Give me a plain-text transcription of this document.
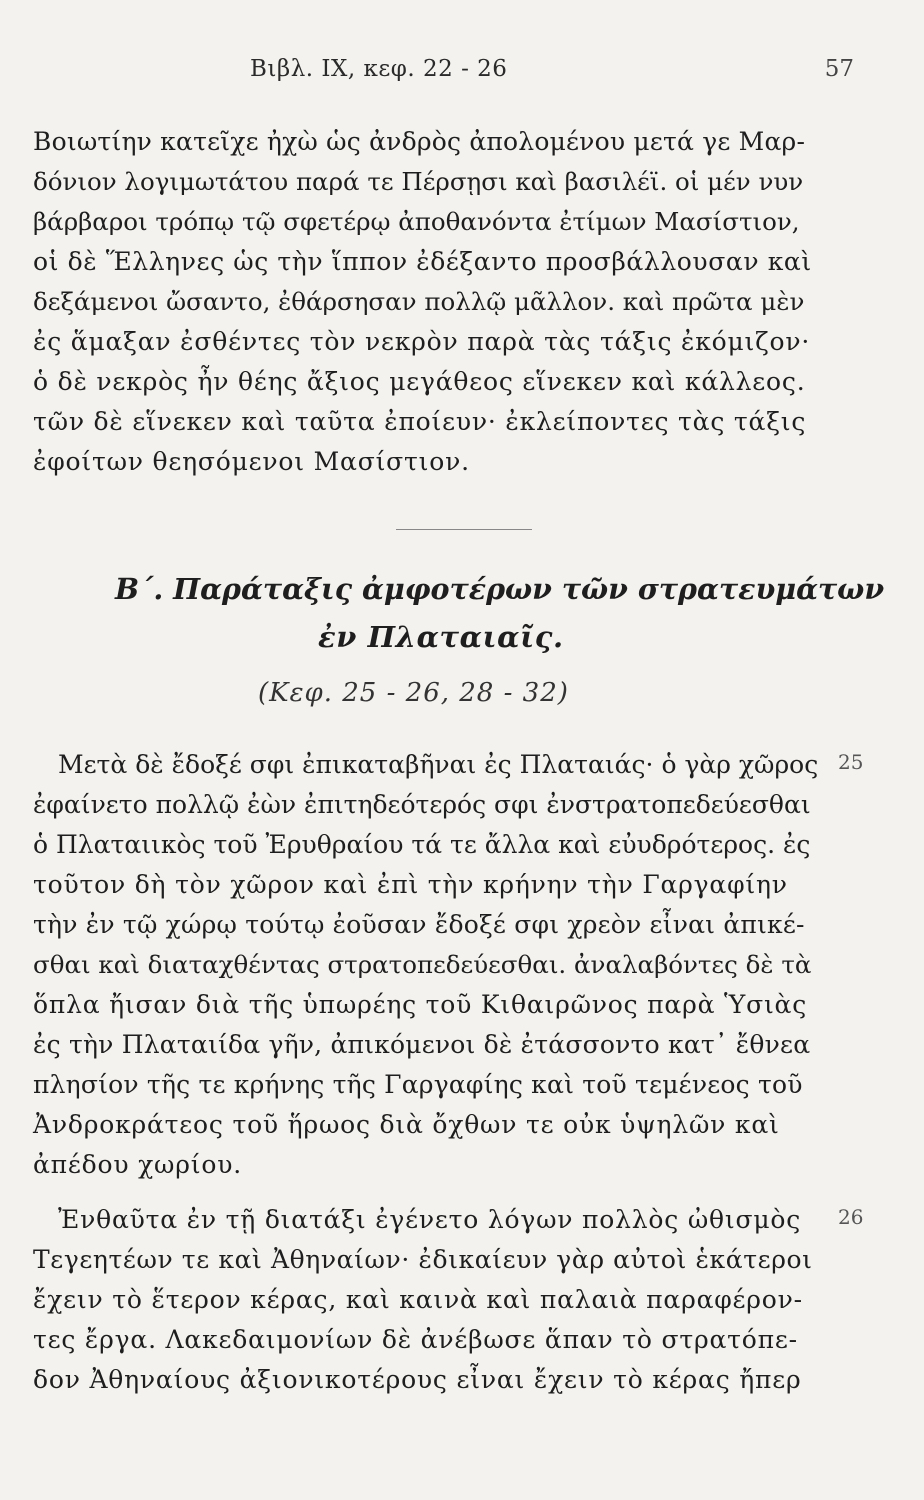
Βιβλ. IX, κεφ. 22 - 26	57
Βοιωτίην κατεῖχε ἠχὼ ὡς ἀνδρὸς ἀπολομένου μετά γε Μαρ-
δόνιον λογιμωτάτου παρά τε Πέρσῃσι καὶ βασιλέϊ. οἱ μέν νυν
βάρβαροι τρόπῳ τῷ σφετέρῳ ἀποθανόντα ἐτίμων Μασίστιον,
οἱ δὲ Ἕλληνες ὡς τὴν ἵππον ἐδέξαντο προσβάλλουσαν καὶ
δεξάμενοι ὤσαντο, ἐθάρσησαν πολλῷ μᾶλλον. καὶ πρῶτα μὲν
ἐς ἅμαξαν ἐσθέντες τὸν νεκρὸν παρὰ τὰς τάξις ἐκόμιζον·
ὁ δὲ νεκρὸς ἦν θέης ἄξιος μεγάθεος εἵνεκεν καὶ κάλλεος.
τῶν δὲ εἵνεκεν καὶ ταῦτα ἐποίευν· ἐκλείποντες τὰς τάξις
ἐφοίτων θεησόμενοι Μασίστιον.
Β΄. Παράταξις ἀμφοτέρων τῶν στρατευμάτων
ἐν Πλαταιαῖς.
(Κεφ. 25 - 26, 28 - 32)
25
Μετὰ δὲ ἔδοξέ σφι ἐπικαταβῆναι ἐς Πλαταιάς· ὁ γὰρ χῶρος
ἐφαίνετο πολλῷ ἐὼν ἐπιτηδεότερός σφι ἐνστρατοπεδεύεσθαι
ὁ Πλαταιικὸς τοῦ Ἐρυθραίου τά τε ἄλλα καὶ εὐυδρότερος. ἐς
τοῦτον δὴ τὸν χῶρον καὶ ἐπὶ τὴν κρήνην τὴν Γαργαφίην
τὴν ἐν τῷ χώρῳ τούτῳ ἐοῦσαν ἔδοξέ σφι χρεὸν εἶναι ἀπικέ-
σθαι καὶ διαταχθέντας στρατοπεδεύεσθαι. ἀναλαβόντες δὲ τὰ
ὅπλα ἤισαν διὰ τῆς ὑπωρέης τοῦ Κιθαιρῶνος παρὰ Ὑσιὰς
ἐς τὴν Πλαταιίδα γῆν, ἀπικόμενοι δὲ ἐτάσσοντο κατ᾽ ἔθνεα
πλησίον τῆς τε κρήνης τῆς Γαργαφίης καὶ τοῦ τεμένεος τοῦ
Ἀνδροκράτεος τοῦ ἥρωος διὰ ὄχθων τε οὐκ ὑψηλῶν καὶ
ἀπέδου χωρίου.
26
Ἐνθαῦτα ἐν τῇ διατάξι ἐγένετο λόγων πολλὸς ὠθισμὸς
Τεγεητέων τε καὶ Ἀθηναίων· ἐδικαίευν γὰρ αὐτοὶ ἑκάτεροι
ἔχειν τὸ ἕτερον κέρας, καὶ καινὰ καὶ παλαιὰ παραφέρον-
τες ἔργα. Λακεδαιμονίων δὲ ἀνέβωσε ἅπαν τὸ στρατόπε-
δον Ἀθηναίους ἀξιονικοτέρους εἶναι ἔχειν τὸ κέρας ἤπερ
